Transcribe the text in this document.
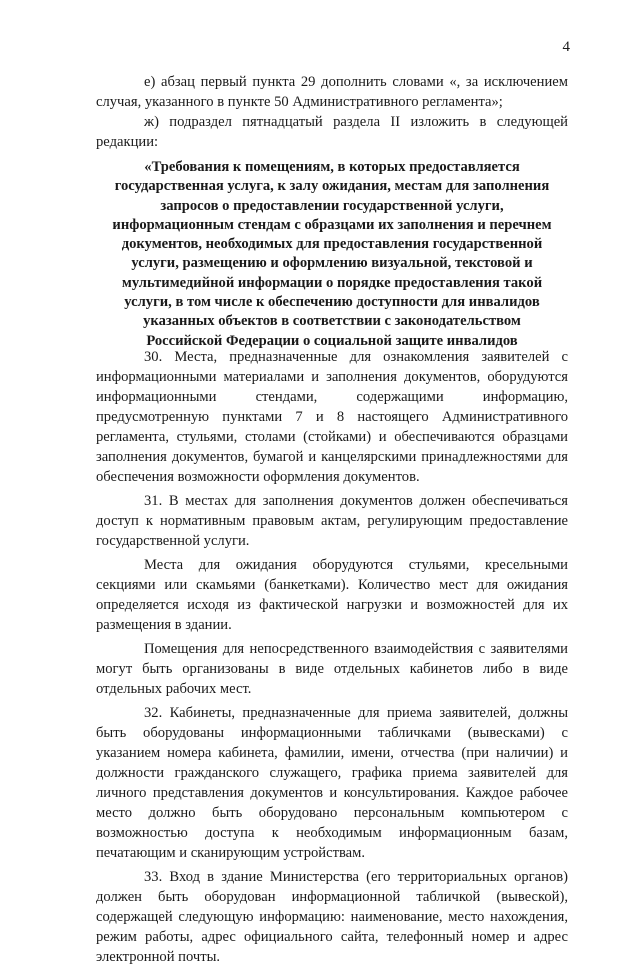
4

е) абзац первый пункта 29 дополнить словами «, за исключением случая, указанного в пункте 50 Административного регламента»;

ж) подраздел пятнадцатый раздела II изложить в следующей редакции:

«Требования к помещениям, в которых предоставляется
государственная услуга, к залу ожидания, местам для заполнения
запросов о предоставлении государственной услуги,
информационным стендам с образцами их заполнения и перечнем
документов, необходимых для предоставления государственной
услуги, размещению и оформлению визуальной, текстовой и
мультимедийной информации о порядке предоставления такой
услуги, в том числе к обеспечению доступности для инвалидов
указанных объектов в соответствии с законодательством
Российской Федерации о социальной защите инвалидов

30. Места, предназначенные для ознакомления заявителей с информационными материалами и заполнения документов, оборудуются информационными стендами, содержащими информацию, предусмотренную пунктами 7 и 8 настоящего Административного регламента, стульями, столами (стойками) и обеспечиваются образцами заполнения документов, бумагой и канцелярскими принадлежностями для обеспечения возможности оформления документов.

31. В местах для заполнения документов должен обеспечиваться доступ к нормативным правовым актам, регулирующим предоставление государственной услуги.

Места для ожидания оборудуются стульями, кресельными секциями или скамьями (банкетками). Количество мест для ожидания определяется исходя из фактической нагрузки и возможностей для их размещения в здании.

Помещения для непосредственного взаимодействия с заявителями могут быть организованы в виде отдельных кабинетов либо в виде отдельных рабочих мест.

32. Кабинеты, предназначенные для приема заявителей, должны быть оборудованы информационными табличками (вывесками) с указанием номера кабинета, фамилии, имени, отчества (при наличии) и должности гражданского служащего, графика приема заявителей для личного представления документов и консультирования. Каждое рабочее место должно быть оборудовано персональным компьютером с возможностью доступа к необходимым информационным базам, печатающим и сканирующим устройствам.

33. Вход в здание Министерства (его территориальных органов) должен быть оборудован информационной табличкой (вывеской), содержащей следующую информацию: наименование, место нахождения, режим работы, адрес официального сайта, телефонный номер и адрес электронной почты.
